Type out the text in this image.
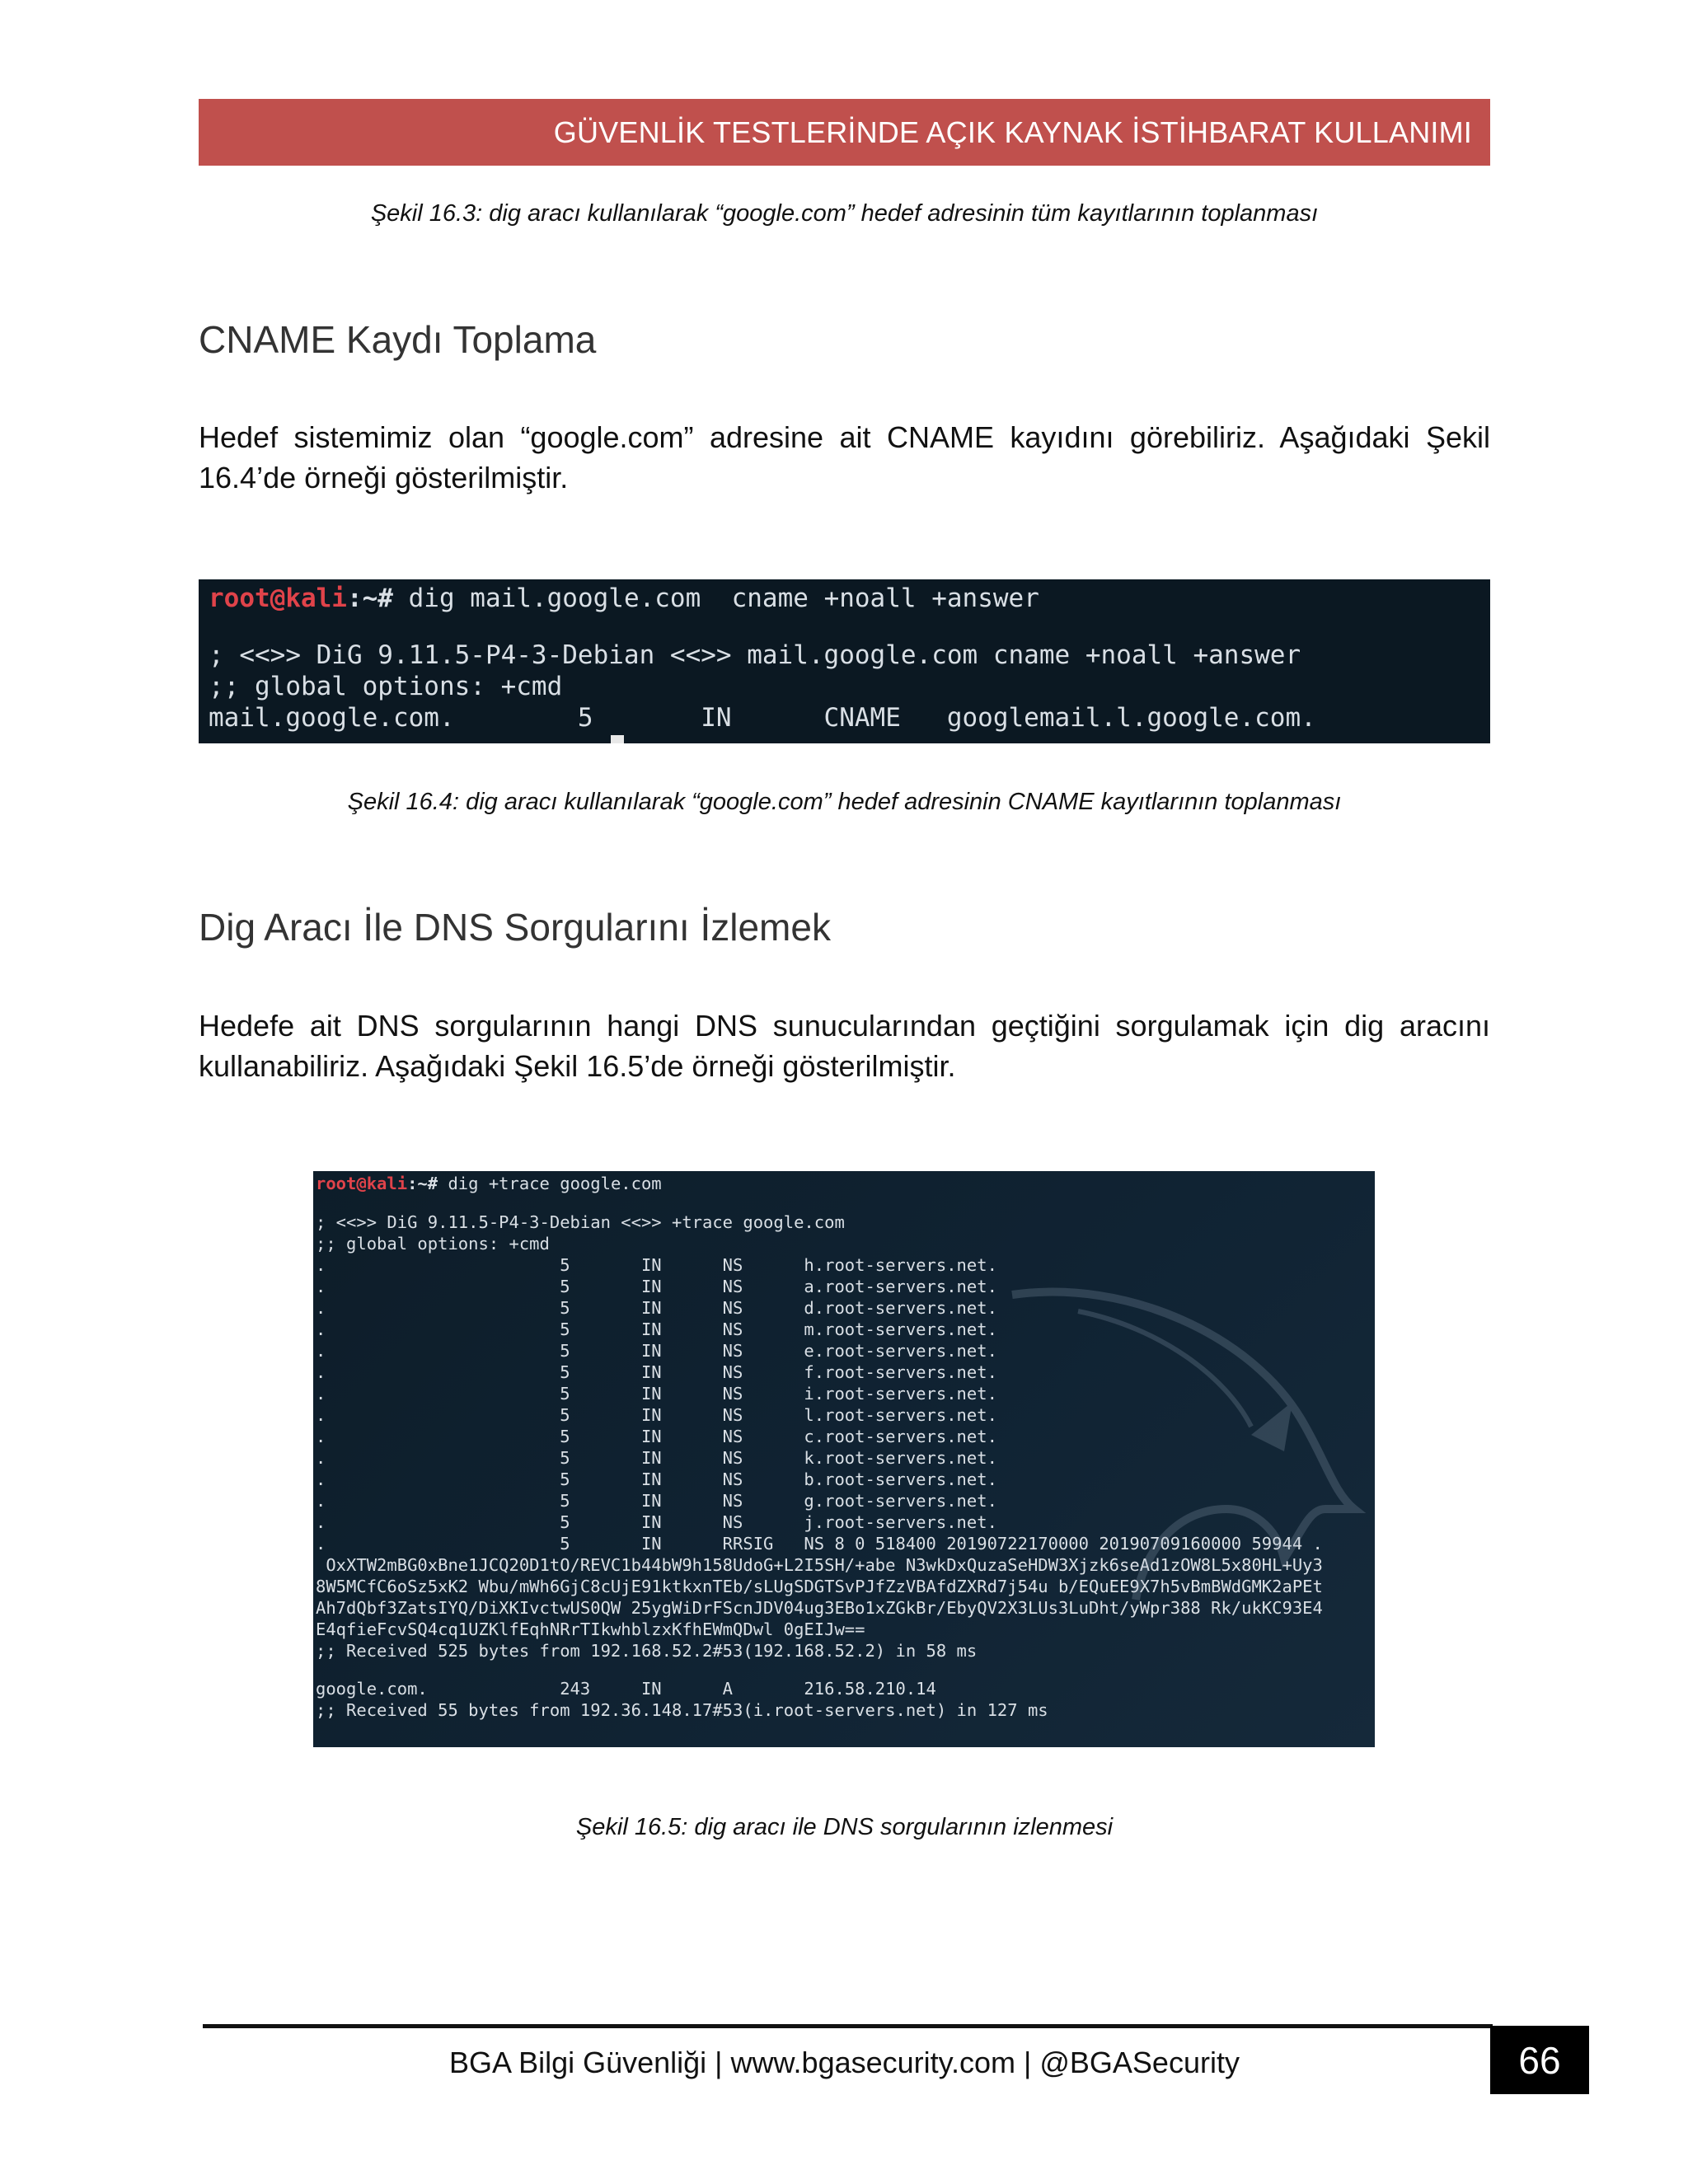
GÜVENLİK TESTLERİNDE AÇIK KAYNAK İSTİHBARAT KULLANIMI
Şekil 16.3: dig aracı kullanılarak “google.com” hedef adresinin tüm kayıtlarının toplanması
CNAME Kaydı Toplama

Hedef sistemimiz olan “google.com” adresine ait CNAME kayıdını görebiliriz. Aşağıdaki Şekil 16.4’de örneği gösterilmiştir.

root@kali:~# dig mail.google.com  cname +noall +answer
; <<>> DiG 9.11.5-P4-3-Debian <<>> mail.google.com cname +noall +answer
;; global options: +cmd
mail.google.com.        5       IN      CNAME   googlemail.l.google.com.
Şekil 16.4: dig aracı kullanılarak “google.com” hedef adresinin CNAME kayıtlarının toplanması
Dig Aracı İle DNS Sorgularını İzlemek

Hedefe ait DNS sorgularının hangi DNS sunucularından geçtiğini sorgulamak için dig aracını kullanabiliriz. Aşağıdaki Şekil 16.5’de örneği gösterilmiştir.

root@kali:~# dig +trace google.com
; <<>> DiG 9.11.5-P4-3-Debian <<>> +trace google.com
;; global options: +cmd
.                       5       IN      NS      h.root-servers.net.
.                       5       IN      NS      a.root-servers.net.
.                       5       IN      NS      d.root-servers.net.
.                       5       IN      NS      m.root-servers.net.
.                       5       IN      NS      e.root-servers.net.
.                       5       IN      NS      f.root-servers.net.
.                       5       IN      NS      i.root-servers.net.
.                       5       IN      NS      l.root-servers.net.
.                       5       IN      NS      c.root-servers.net.
.                       5       IN      NS      k.root-servers.net.
.                       5       IN      NS      b.root-servers.net.
.                       5       IN      NS      g.root-servers.net.
.                       5       IN      NS      j.root-servers.net.
.                       5       IN      RRSIG   NS 8 0 518400 20190722170000 20190709160000 59944 .
OxXTW2mBG0xBne1JCQ20D1tO/REVC1b44bW9h158UdoG+L2I5SH/+abe N3wkDxQuzaSeHDW3Xjzk6seAd1zOW8L5x80HL+Uy3
8W5MCfC6oSz5xK2 Wbu/mWh6GjC8cUjE91ktkxnTEb/sLUgSDGTSvPJfZzVBAfdZXRd7j54u b/EQuEE9X7h5vBmBWdGMK2aPEt
Ah7dQbf3ZatsIYQ/DiXKIvctwUS0QW 25ygWiDrFScnJDV04ug3EBo1xZGkBr/EbyQV2X3LUs3LuDht/yWpr388 Rk/ukKC93E4
E4qfieFcvSQ4cq1UZKlfEqhNRrTIkwhblzxKfhEWmQDwl 0gEIJw==
;; Received 525 bytes from 192.168.52.2#53(192.168.52.2) in 58 ms
google.com.             243     IN      A       216.58.210.14
;; Received 55 bytes from 192.36.148.17#53(i.root-servers.net) in 127 ms
Şekil 16.5: dig aracı ile DNS sorgularının izlenmesi
BGA Bilgi Güvenliği | www.bgasecurity.com | @BGASecurity	66
